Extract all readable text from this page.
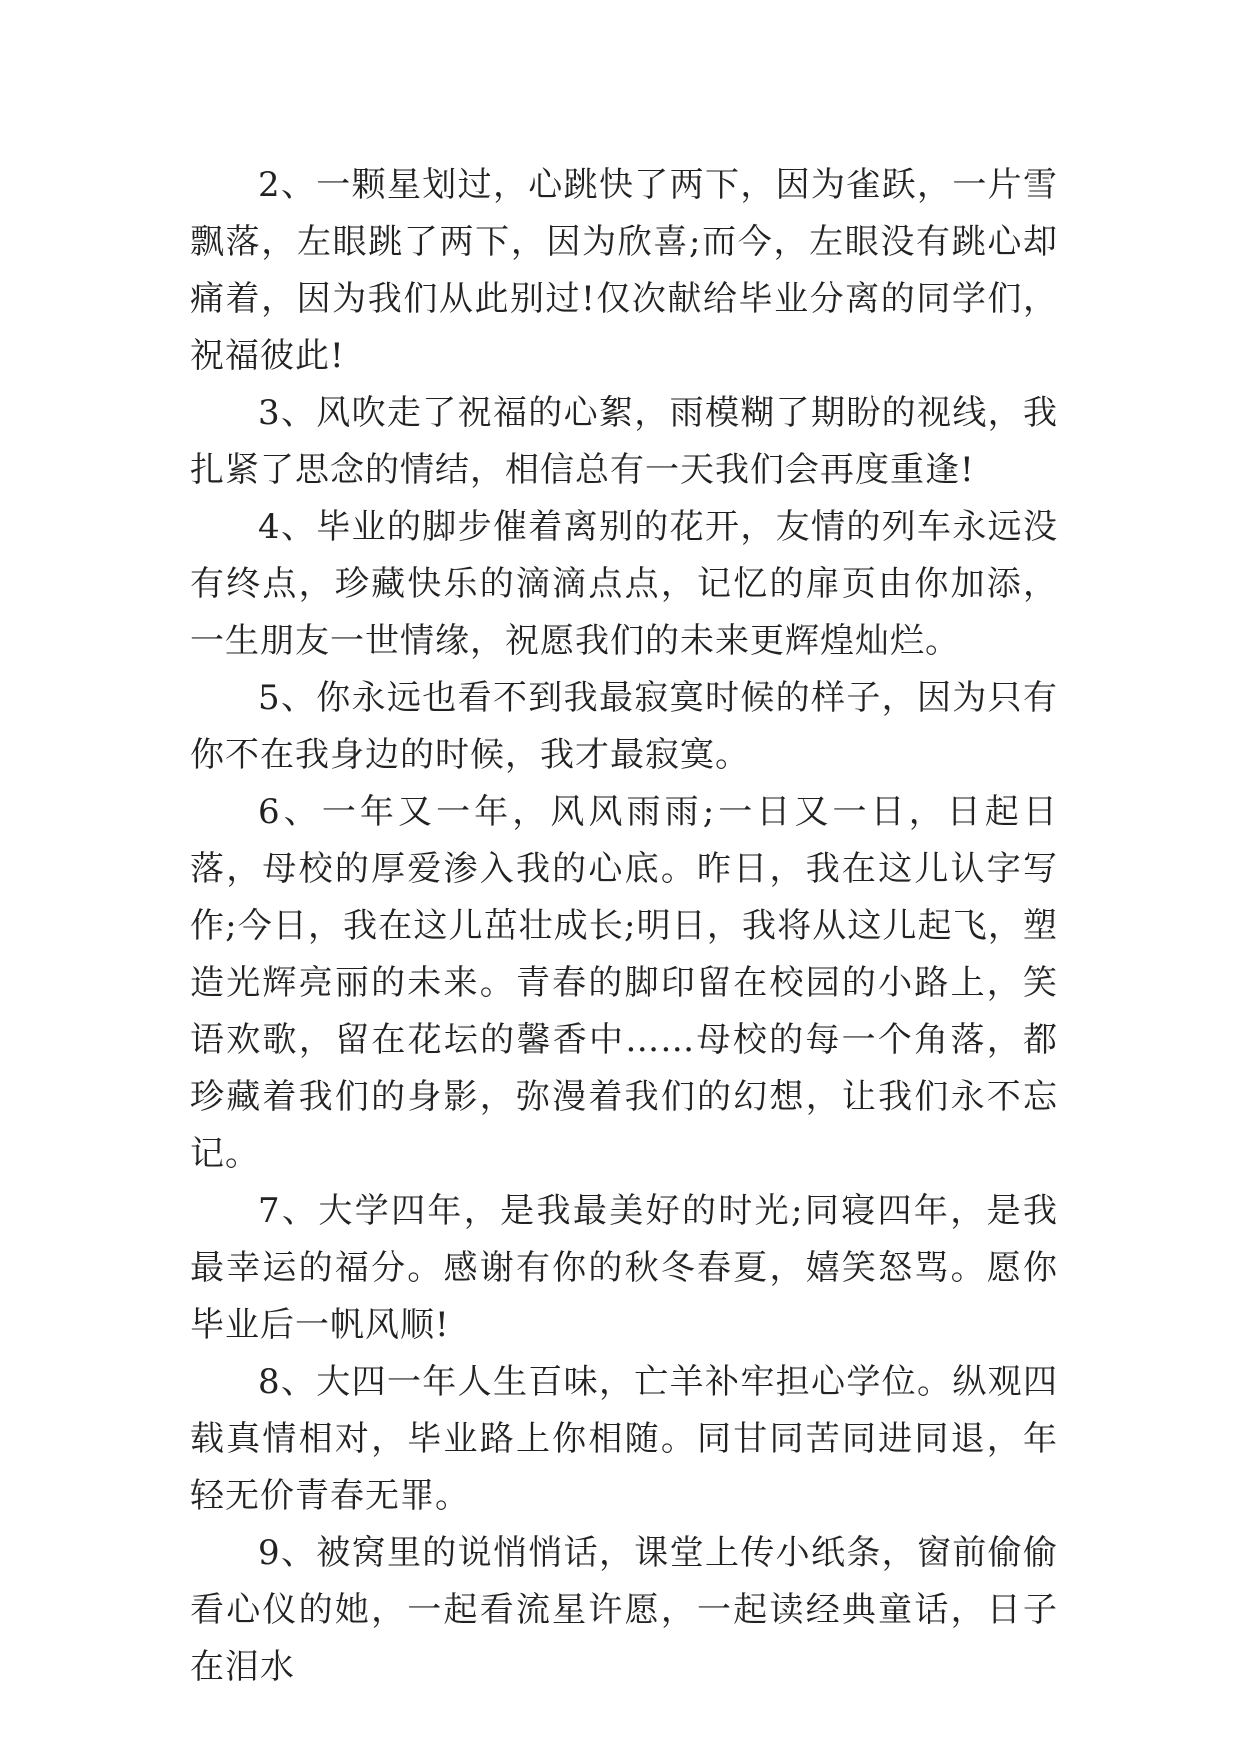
2、一颗星划过，心跳快了两下，因为雀跃，一片雪飘落，左眼跳了两下，因为欣喜;而今，左眼没有跳心却痛着，因为我们从此别过!仅次献给毕业分离的同学们，祝福彼此!

3、风吹走了祝福的心絮，雨模糊了期盼的视线，我扎紧了思念的情结，相信总有一天我们会再度重逢!

4、毕业的脚步催着离别的花开，友情的列车永远没有终点，珍藏快乐的滴滴点点，记忆的扉页由你加添，一生朋友一世情缘，祝愿我们的未来更辉煌灿烂。

5、你永远也看不到我最寂寞时候的样子，因为只有你不在我身边的时候，我才最寂寞。

6、一年又一年，风风雨雨;一日又一日，日起日落，母校的厚爱渗入我的心底。昨日，我在这儿认字写作;今日，我在这儿茁壮成长;明日，我将从这儿起飞，塑造光辉亮丽的未来。青春的脚印留在校园的小路上，笑语欢歌，留在花坛的馨香中……母校的每一个角落，都珍藏着我们的身影，弥漫着我们的幻想，让我们永不忘记。

7、大学四年，是我最美好的时光;同寝四年，是我最幸运的福分。感谢有你的秋冬春夏，嬉笑怒骂。愿你毕业后一帆风顺!

8、大四一年人生百味，亡羊补牢担心学位。纵观四载真情相对，毕业路上你相随。同甘同苦同进同退，年轻无价青春无罪。

9、被窝里的说悄悄话，课堂上传小纸条，窗前偷偷看心仪的她，一起看流星许愿，一起读经典童话，日子在泪水
